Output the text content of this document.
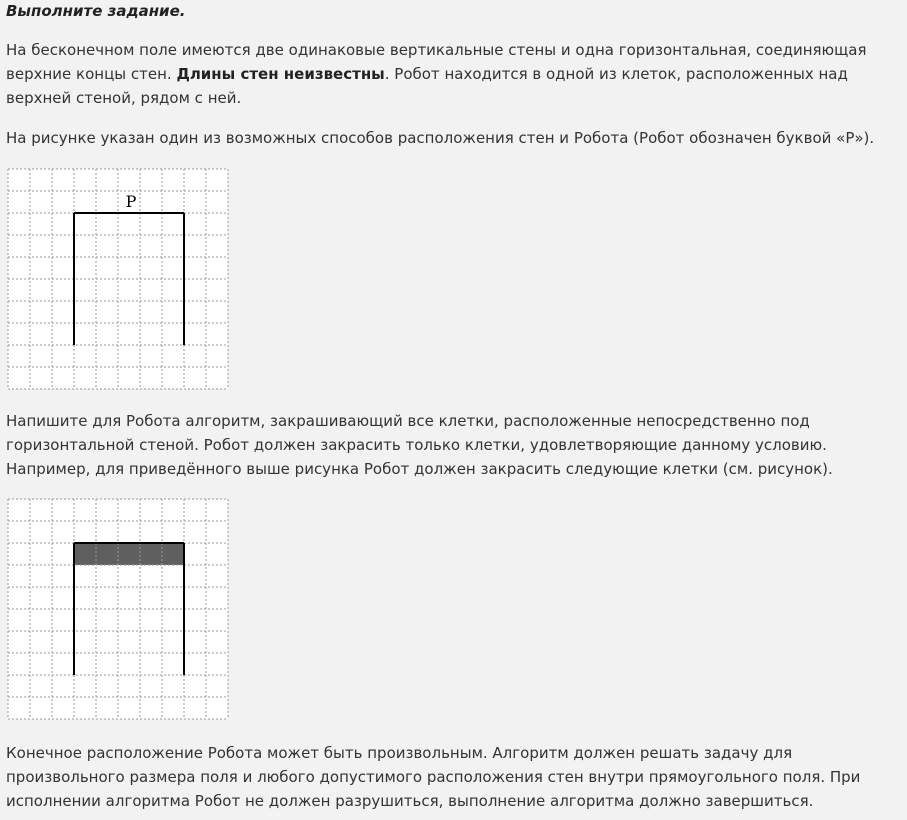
Выполните задание.

На бесконечном поле имеются две одинаковые вертикальные стены и одна горизонтальная, соединяющая верхние концы стен. Длины стен неизвестны. Робот находится в одной из клеток, расположенных над верхней стеной, рядом с ней.

На рисунке указан один из возможных способов расположения стен и Робота (Робот обозначен буквой «Р»).

Р

Напишите для Робота алгоритм, закрашивающий все клетки, расположенные непосредственно под горизонтальной стеной. Робот должен закрасить только клетки, удовлетворяющие данному условию. Например, для приведённого выше рисунка Робот должен закрасить следующие клетки (см. рисунок).

Конечное расположение Робота может быть произвольным. Алгоритм должен решать задачу для произвольного размера поля и любого допустимого расположения стен внутри прямоугольного поля. При исполнении алгоритма Робот не должен разрушиться, выполнение алгоритма должно завершиться.
